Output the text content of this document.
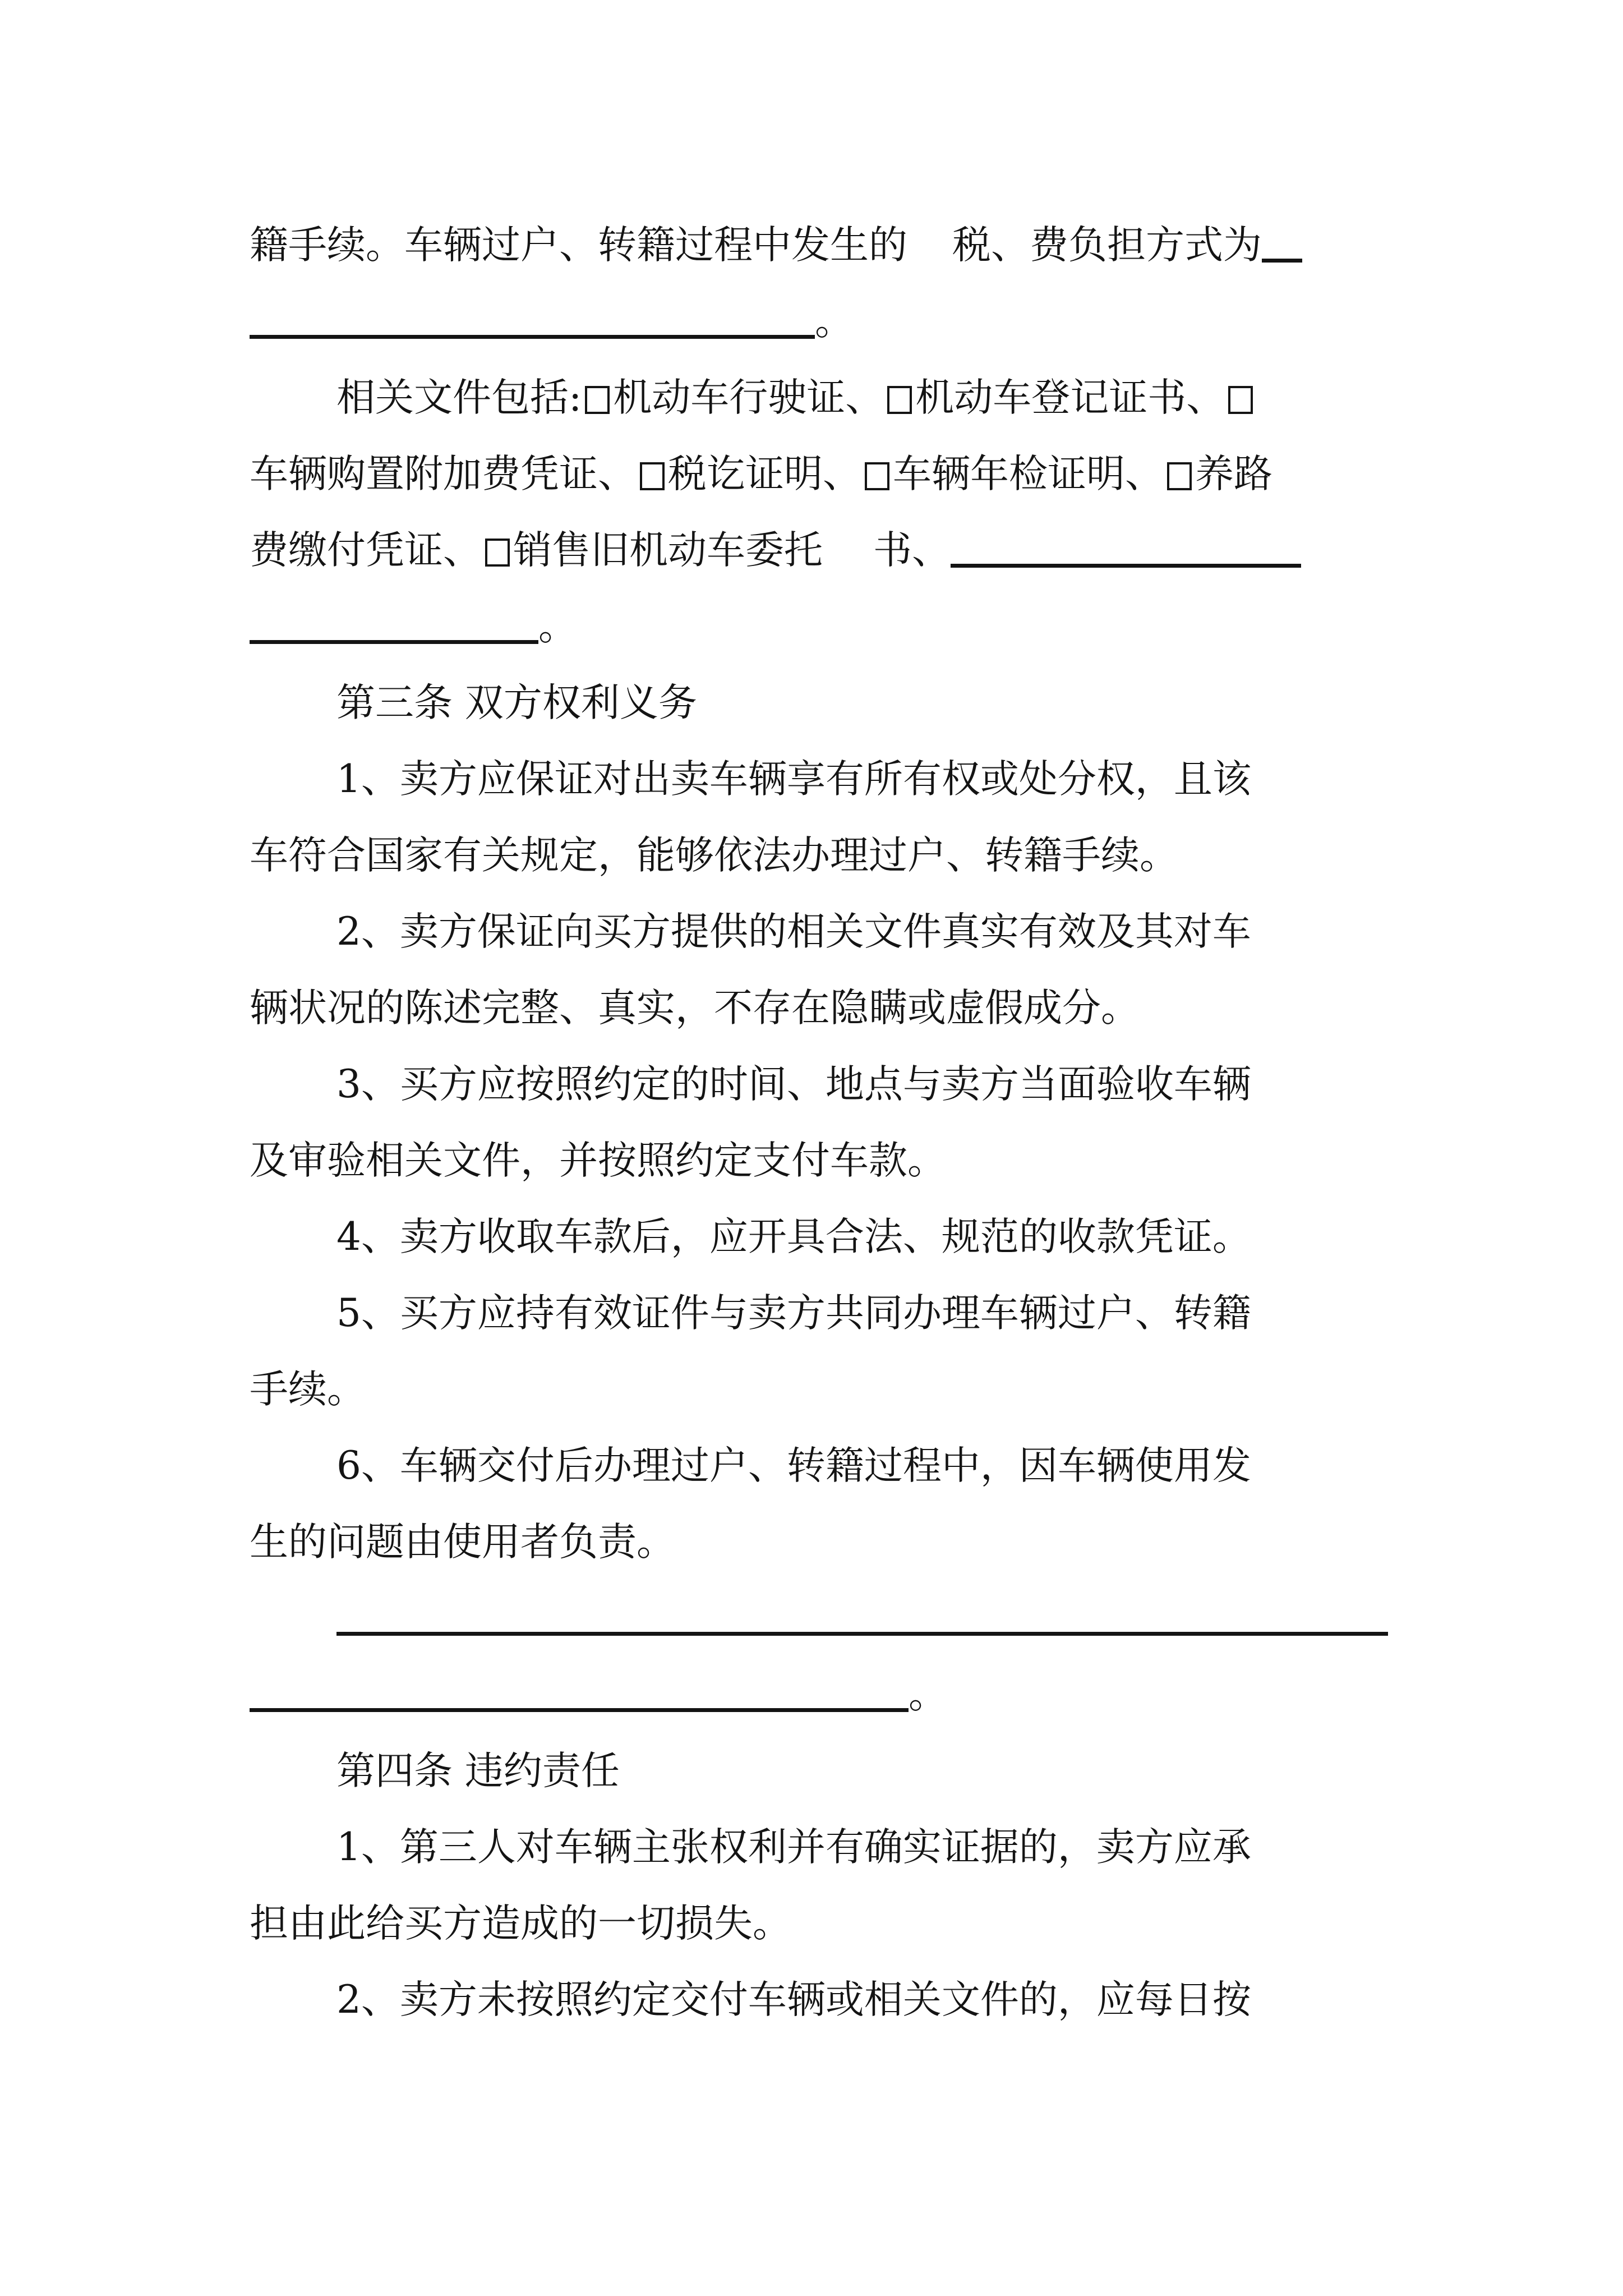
籍手续。车辆过户、转籍过程中发生的 税、费负担方式为
。
相关文件包括: 机动车行驶证、 机动车登记证书、
车辆购置附加费凭证、 税讫证明、 车辆年检证明、 养路
费缴付凭证、 销售旧机动车委托 书、
。
第三条 双方权利义务
1、卖方应保证对出卖车辆享有所有权或处分权，且该
车符合国家有关规定，能够依法办理过户、转籍手续。
2、卖方保证向买方提供的相关文件真实有效及其对车
辆状况的陈述完整、真实，不存在隐瞒或虚假成分。
3、买方应按照约定的时间、地点与卖方当面验收车辆
及审验相关文件，并按照约定支付车款。
4、卖方收取车款后，应开具合法、规范的收款凭证。
5、买方应持有效证件与卖方共同办理车辆过户、转籍
手续。
6、车辆交付后办理过户、转籍过程中，因车辆使用发
生的问题由使用者负责。
。
第四条 违约责任
1、第三人对车辆主张权利并有确实证据的，卖方应承
担由此给买方造成的一切损失。
2、卖方未按照约定交付车辆或相关文件的，应每日按
